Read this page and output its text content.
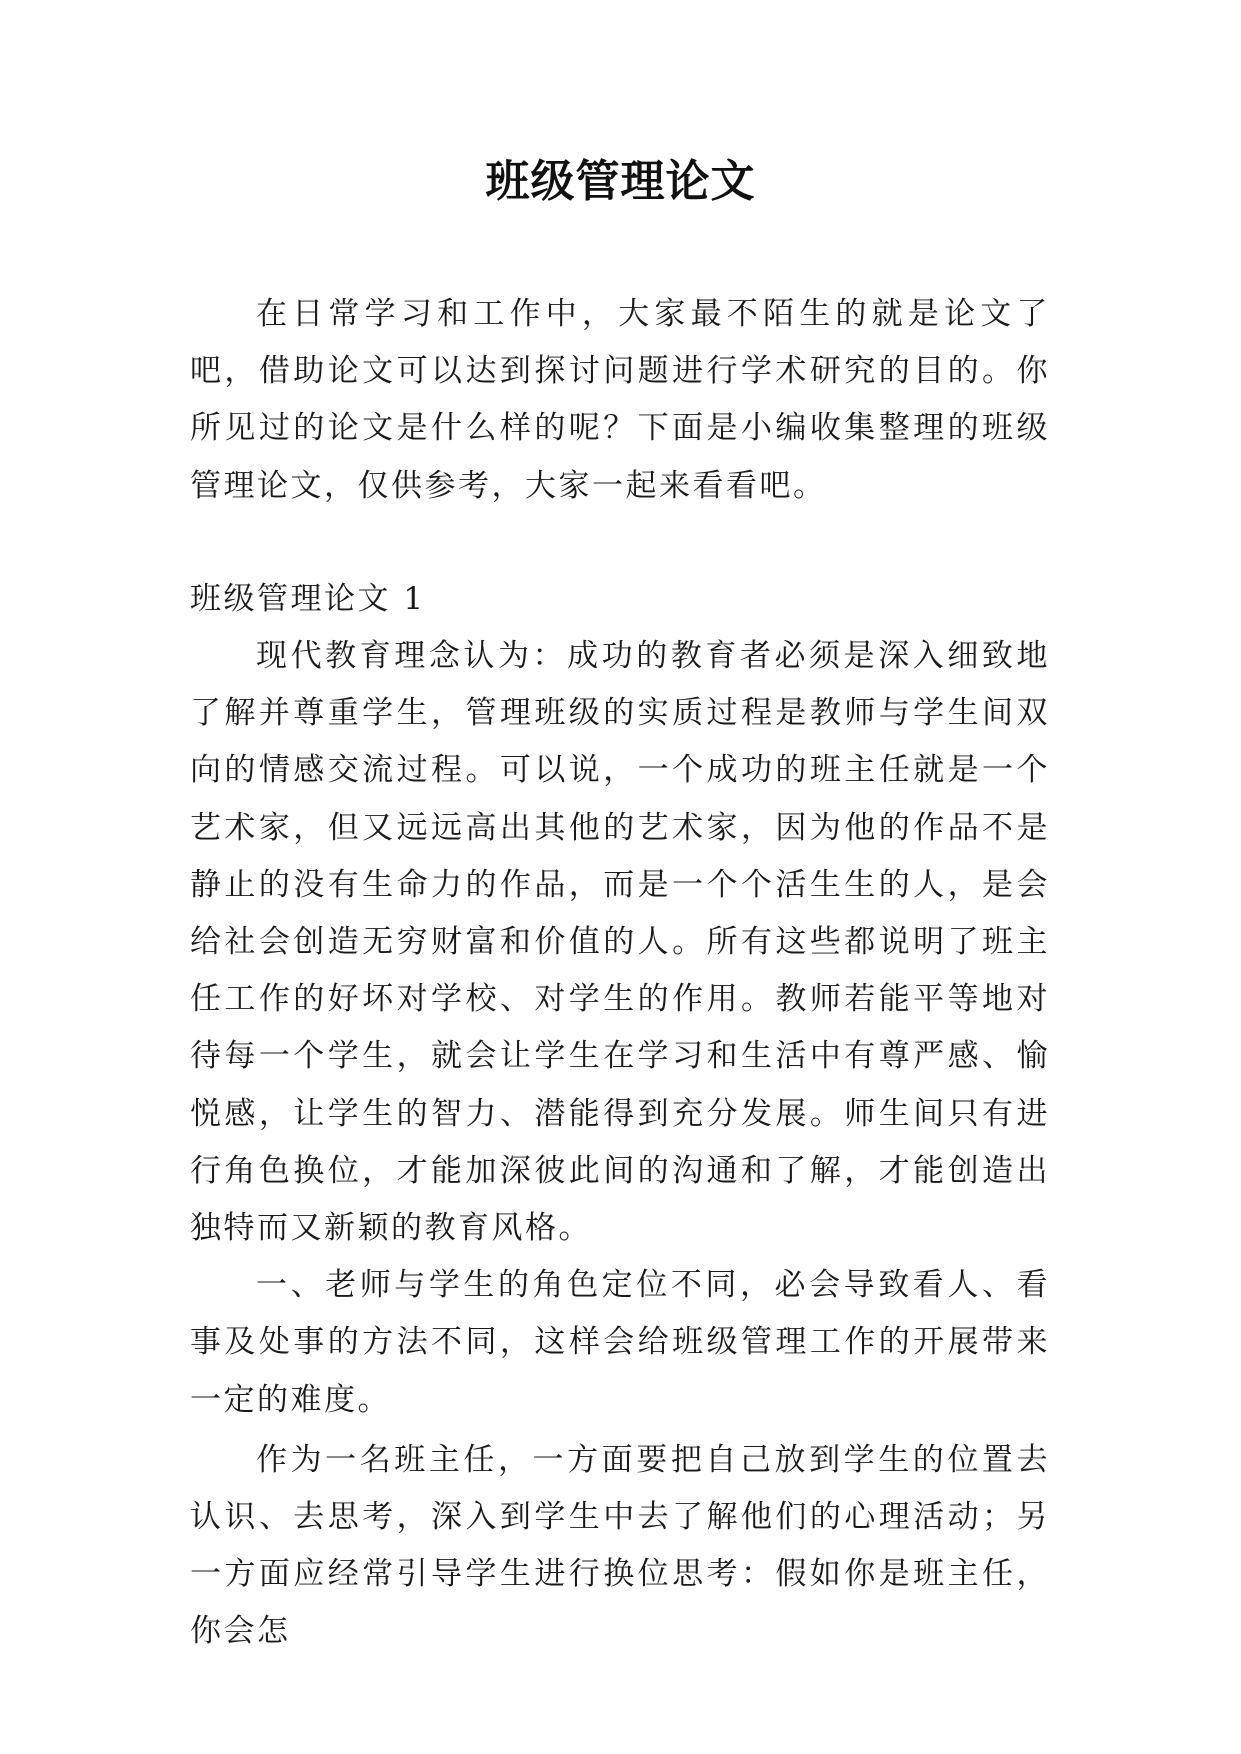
班级管理论文

在日常学习和工作中，大家最不陌生的就是论文了吧，借助论文可以达到探讨问题进行学术研究的目的。你所见过的论文是什么样的呢？下面是小编收集整理的班级管理论文，仅供参考，大家一起来看看吧。

班级管理论文 1

现代教育理念认为：成功的教育者必须是深入细致地了解并尊重学生，管理班级的实质过程是教师与学生间双向的情感交流过程。可以说，一个成功的班主任就是一个艺术家，但又远远高出其他的艺术家，因为他的作品不是静止的没有生命力的作品，而是一个个活生生的人，是会给社会创造无穷财富和价值的人。所有这些都说明了班主任工作的好坏对学校、对学生的作用。教师若能平等地对待每一个学生，就会让学生在学习和生活中有尊严感、愉悦感，让学生的智力、潜能得到充分发展。师生间只有进行角色换位，才能加深彼此间的沟通和了解，才能创造出独特而又新颖的教育风格。

一、老师与学生的角色定位不同，必会导致看人、看事及处事的方法不同，这样会给班级管理工作的开展带来一定的难度。

作为一名班主任，一方面要把自己放到学生的位置去认识、去思考，深入到学生中去了解他们的心理活动；另一方面应经常引导学生进行换位思考：假如你是班主任，你会怎
